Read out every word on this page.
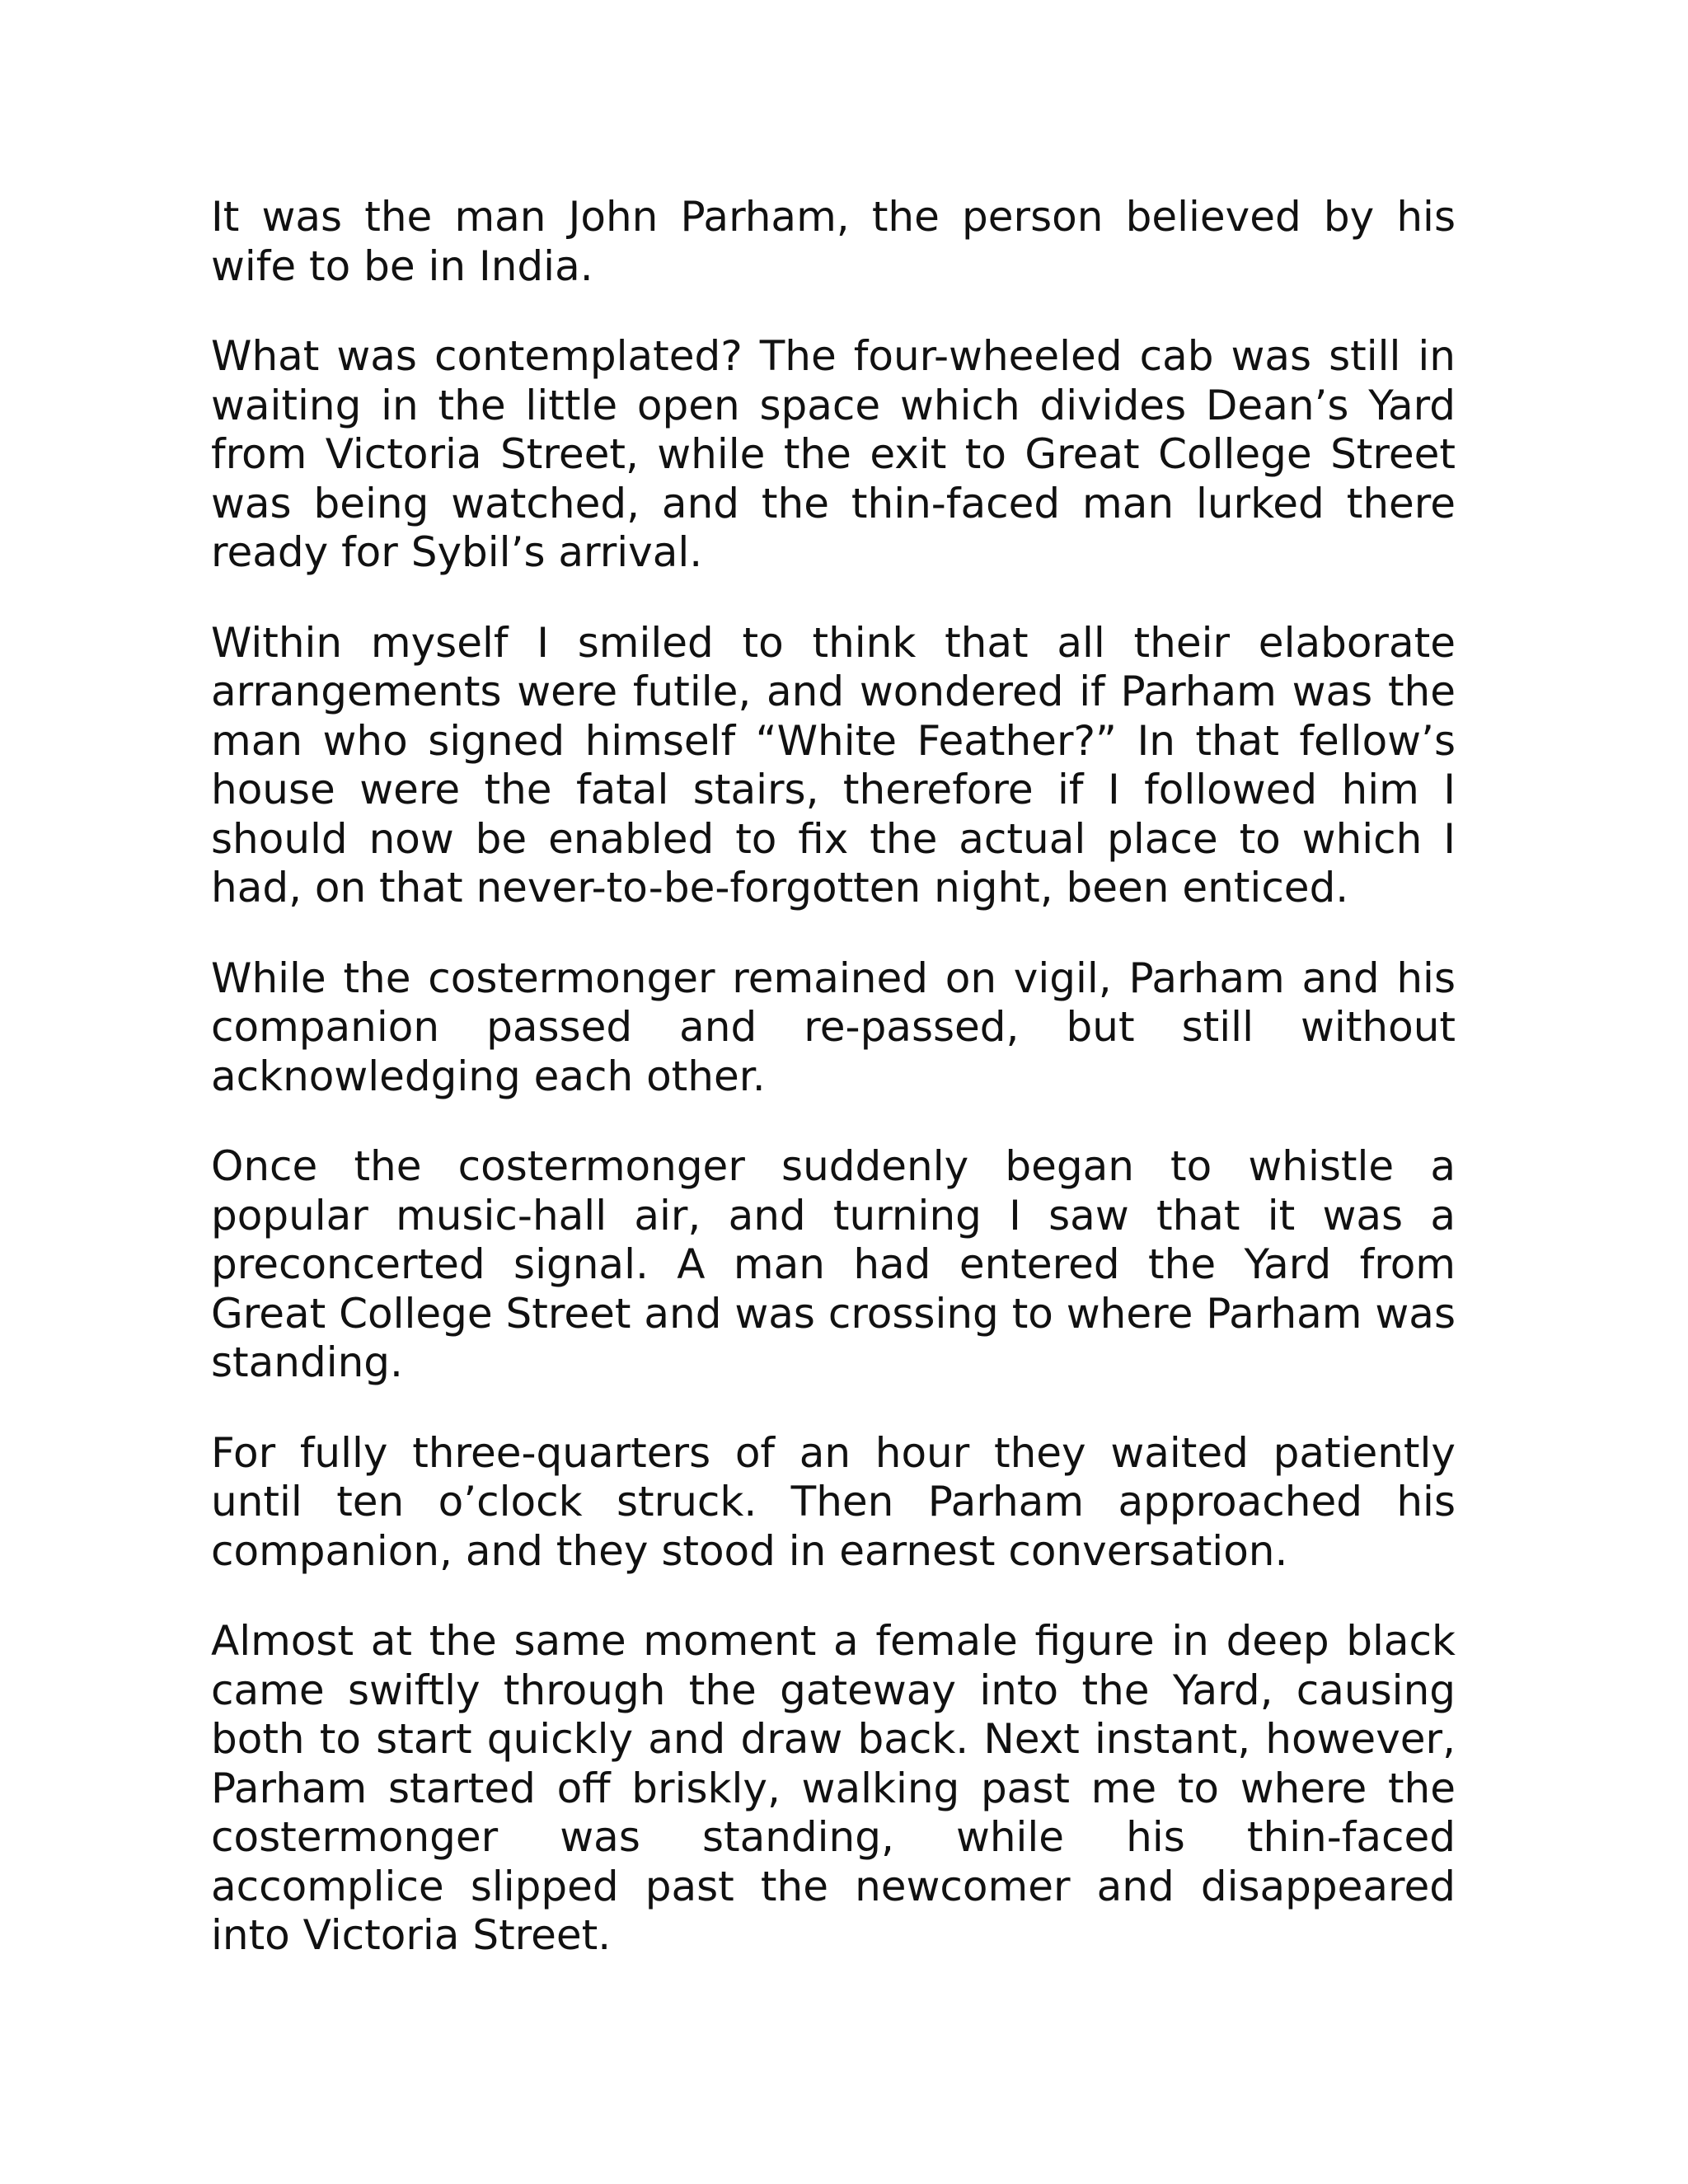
It was the man John Parham, the person believed by his wife to be in India.

What was contemplated? The four-wheeled cab was still in waiting in the little open space which divides Dean’s Yard from Victoria Street, while the exit to Great College Street was being watched, and the thin-faced man lurked there ready for Sybil’s arrival.

Within myself I smiled to think that all their elaborate arrangements were futile, and wondered if Parham was the man who signed himself “White Feather?” In that fellow’s house were the fatal stairs, therefore if I followed him I should now be enabled to fix the actual place to which I had, on that never-to-be-forgotten night, been enticed.

While the costermonger remained on vigil, Parham and his companion passed and re-passed, but still without acknowledging each other.

Once the costermonger suddenly began to whistle a popular music-hall air, and turning I saw that it was a preconcerted signal. A man had entered the Yard from Great College Street and was crossing to where Parham was standing.

For fully three-quarters of an hour they waited patiently until ten o’clock struck. Then Parham approached his companion, and they stood in earnest conversation.

Almost at the same moment a female figure in deep black came swiftly through the gateway into the Yard, causing both to start quickly and draw back. Next instant, however, Parham started off briskly, walking past me to where the costermonger was standing, while his thin-faced accomplice slipped past the newcomer and disappeared into Victoria Street.
